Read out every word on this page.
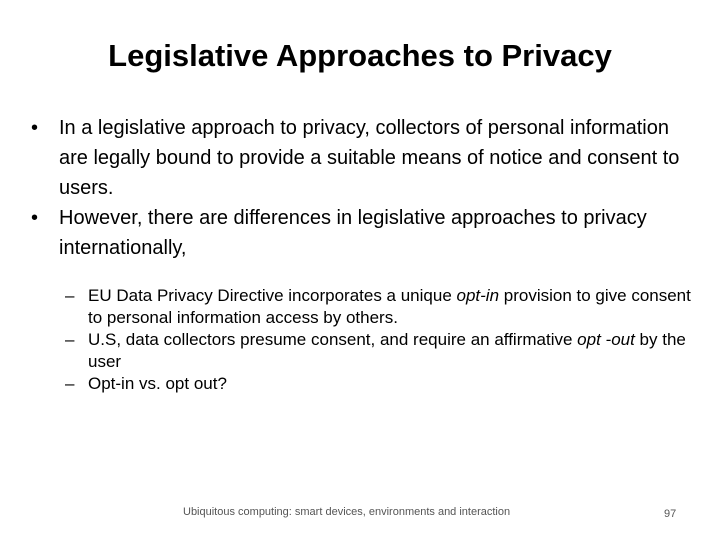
Legislative Approaches to Privacy
• In a legislative approach to privacy, collectors of personal information are legally bound to provide a suitable means of notice and consent to users.
• However, there are differences in legislative approaches to privacy internationally,
– EU Data Privacy Directive incorporates a unique opt-in provision to give consent to personal information access by others.
– U.S, data collectors presume consent, and require an affirmative opt -out by the user
– Opt-in vs. opt out?
Ubiquitous computing: smart devices, environments and interaction	97
